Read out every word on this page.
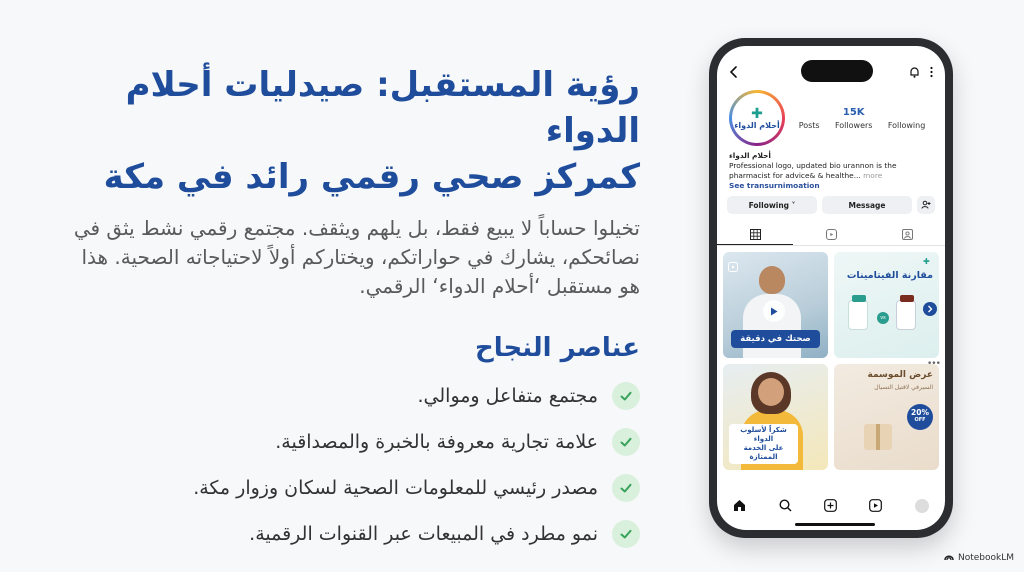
رؤية المستقبل: صيدليات أحلام الدواء
كمركز صحي رقمي رائد في مكة

تخيلوا حساباً لا يبيع فقط، بل يلهم ويثقف. مجتمع رقمي نشط يثق في نصائحكم، يشارك في حواراتكم، ويختاركم أولاً لاحتياجاته الصحية. هذا هو مستقبل ‘أحلام الدواء‘ الرقمي.

عناصر النجاح
مجتمع متفاعل وموالي.
علامة تجارية معروفة بالخبرة والمصداقية.
مصدر رئيسي للمعلومات الصحية لسكان وزوار مكة.
نمو مطرد في المبيعات عبر القنوات الرقمية.
✚
أحلام الدواء Posts
15K
Followers Following
أحلام الدواء
Professional logo, updated bio urannon is the
pharmacist for advice& & healthe... more
See transurnimoation
Following ˅	Message
صحتك في دقيقة
✚
مقارنة الفيتامينات
vs
شكراً لأسلوب الدواء
على الخدمة الممتازة
عرض الموسمة
السيرفي لاقتيل التسيال
20%
OFF
•••
NotebookLM
